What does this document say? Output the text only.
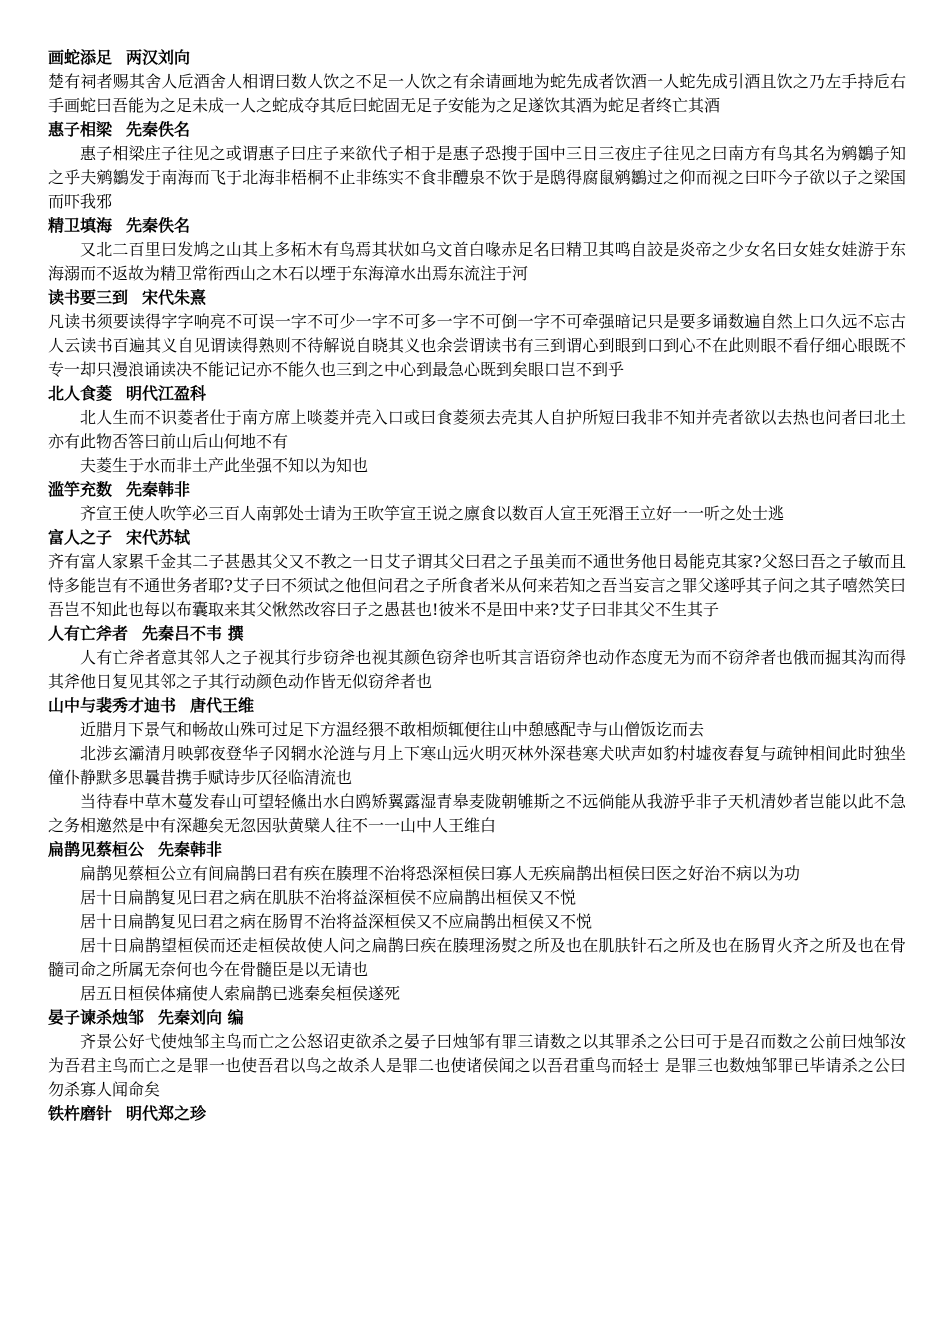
画蛇添足 两汉刘向

楚有祠者赐其舍人卮酒舍人相谓曰数人饮之不足一人饮之有余请画地为蛇先成者饮酒一人蛇先成引酒且饮之乃左手持卮右手画蛇曰吾能为之足未成一人之蛇成夺其卮曰蛇固无足子安能为之足遂饮其酒为蛇足者终亡其酒

惠子相梁 先秦佚名

惠子相梁庄子往见之或谓惠子曰庄子来欲代子相于是惠子恐搜于国中三日三夜庄子往见之曰南方有鸟其名为鹓鶵子知之乎夫鹓鶵发于南海而飞于北海非梧桐不止非练实不食非醴泉不饮于是鸱得腐鼠鹓鶵过之仰而视之曰吓今子欲以子之梁国而吓我邪

精卫填海 先秦佚名

又北二百里曰发鸠之山其上多柘木有鸟焉其状如乌文首白喙赤足名曰精卫其鸣自詨是炎帝之少女名曰女娃女娃游于东海溺而不返故为精卫常衔西山之木石以堙于东海漳水出焉东流注于河

读书要三到 宋代朱熹

凡读书须要读得字字响亮不可误一字不可少一字不可多一字不可倒一字不可牵强暗记只是要多诵数遍自然上口久远不忘古人云读书百遍其义自见谓读得熟则不待解说自晓其义也余尝谓读书有三到谓心到眼到口到心不在此则眼不看仔细心眼既不专一却只漫浪诵读决不能记记亦不能久也三到之中心到最急心既到矣眼口岂不到乎

北人食菱 明代江盈科

北人生而不识菱者仕于南方席上啖菱并壳入口或曰食菱须去壳其人自护所短曰我非不知并壳者欲以去热也问者曰北土亦有此物否答曰前山后山何地不有

夫菱生于水而非土产此坐强不知以为知也

滥竽充数 先秦韩非

齐宣王使人吹竽必三百人南郭处士请为王吹竽宣王说之廪食以数百人宣王死湣王立好一一听之处士逃

富人之子 宋代苏轼

齐有富人家累千金其二子甚愚其父又不教之一日艾子谓其父曰君之子虽美而不通世务他日曷能克其家?父怒曰吾之子敏而且恃多能岂有不通世务者耶?艾子曰不须试之他但问君之子所食者米从何来若知之吾当妄言之罪父遂呼其子问之其子嘻然笑曰吾岂不知此也每以布囊取来其父愀然改容曰子之愚甚也!彼米不是田中来?艾子曰非其父不生其子

人有亡斧者 先秦吕不韦 撰

人有亡斧者意其邻人之子视其行步窃斧也视其颜色窃斧也听其言语窃斧也动作态度无为而不窃斧者也俄而掘其沟而得其斧他日复见其邻之子其行动颜色动作皆无似窃斧者也

山中与裴秀才迪书 唐代王维

近腊月下景气和畅故山殊可过足下方温经猥不敢相烦辄便往山中憩感配寺与山僧饭讫而去

北涉玄灞清月映郭夜登华子冈辋水沦涟与月上下寒山远火明灭林外深巷寒犬吠声如豹村墟夜舂复与疏钟相间此时独坐僮仆静默多思曩昔携手赋诗步仄径临清流也

当待春中草木蔓发春山可望轻鯈出水白鸥矫翼露湿青皋麦陇朝雊斯之不远倘能从我游乎非子天机清妙者岂能以此不急之务相邀然是中有深趣矣无忽因驮黄檗人往不一一山中人王维白

扁鹊见蔡桓公 先秦韩非

扁鹊见蔡桓公立有间扁鹊曰君有疾在腠理不治将恐深桓侯曰寡人无疾扁鹊出桓侯曰医之好治不病以为功

居十日扁鹊复见曰君之病在肌肤不治将益深桓侯不应扁鹊出桓侯又不悦

居十日扁鹊复见曰君之病在肠胃不治将益深桓侯又不应扁鹊出桓侯又不悦

居十日扁鹊望桓侯而还走桓侯故使人问之扁鹊曰疾在腠理汤熨之所及也在肌肤针石之所及也在肠胃火齐之所及也在骨髓司命之所属无奈何也今在骨髓臣是以无请也

居五日桓侯体痛使人索扁鹊已逃秦矣桓侯遂死

晏子谏杀烛邹 先秦刘向 编

齐景公好弋使烛邹主鸟而亡之公怒诏吏欲杀之晏子曰烛邹有罪三请数之以其罪杀之公曰可于是召而数之公前曰烛邹汝为吾君主鸟而亡之是罪一也使吾君以鸟之故杀人是罪二也使诸侯闻之以吾君重鸟而轻士 是罪三也数烛邹罪已毕请杀之公曰勿杀寡人闻命矣

铁杵磨针 明代郑之珍
